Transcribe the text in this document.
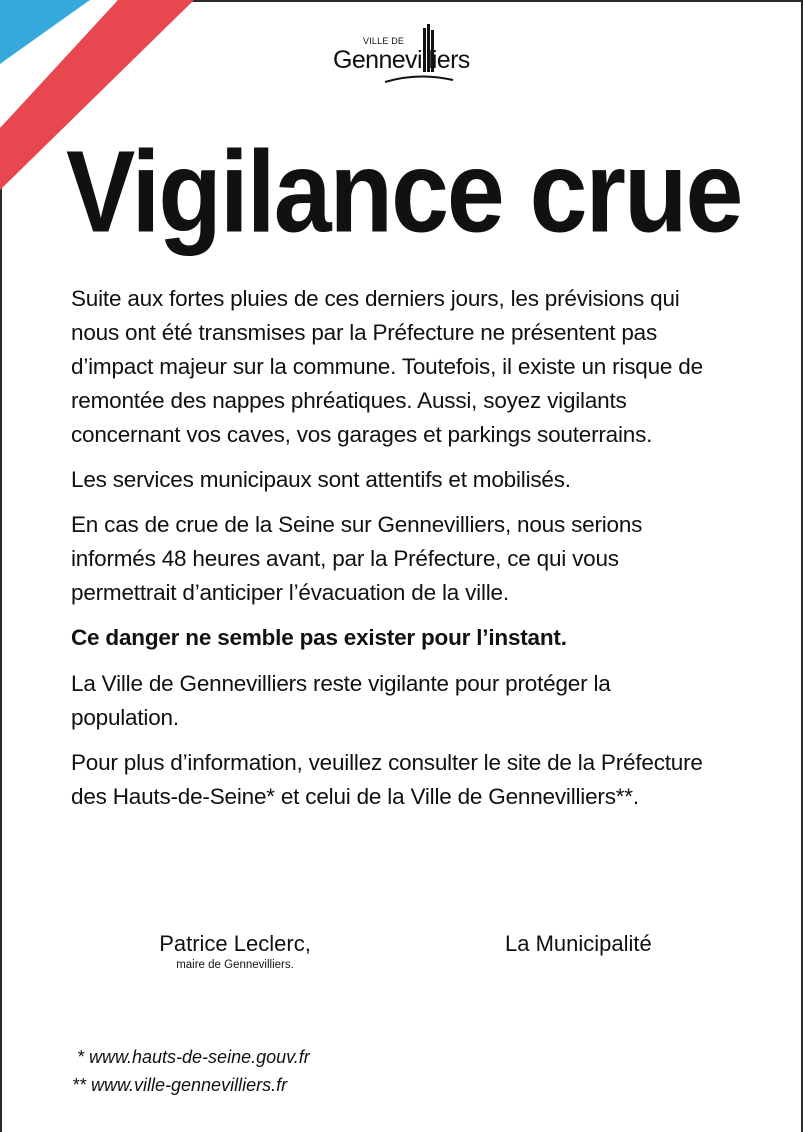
VILLE DE
Gennevilliers
Vigilance crue

Suite aux fortes pluies de ces derniers jours, les prévisions qui nous ont été transmises par la Préfecture ne présentent pas d’impact majeur sur la commune. Toutefois, il existe un risque de remontée des nappes phréatiques. Aussi, soyez vigilants concernant vos caves, vos garages et parkings souterrains.

Les services municipaux sont attentifs et mobilisés.

En cas de crue de la Seine sur Gennevilliers, nous serions informés 48 heures avant, par la Préfecture, ce qui vous permettrait d’anticiper l’évacuation de la ville.

Ce danger ne semble pas exister pour l’instant.

La Ville de Gennevilliers reste vigilante pour protéger la population.

Pour plus d’information, veuillez consulter le site de la Préfecture des Hauts-de-Seine* et celui de la Ville de Gennevilliers**.

Patrice Leclerc,
maire de Gennevilliers.
La Municipalité
* www.hauts-de-seine.gouv.fr
** www.ville-gennevilliers.fr
